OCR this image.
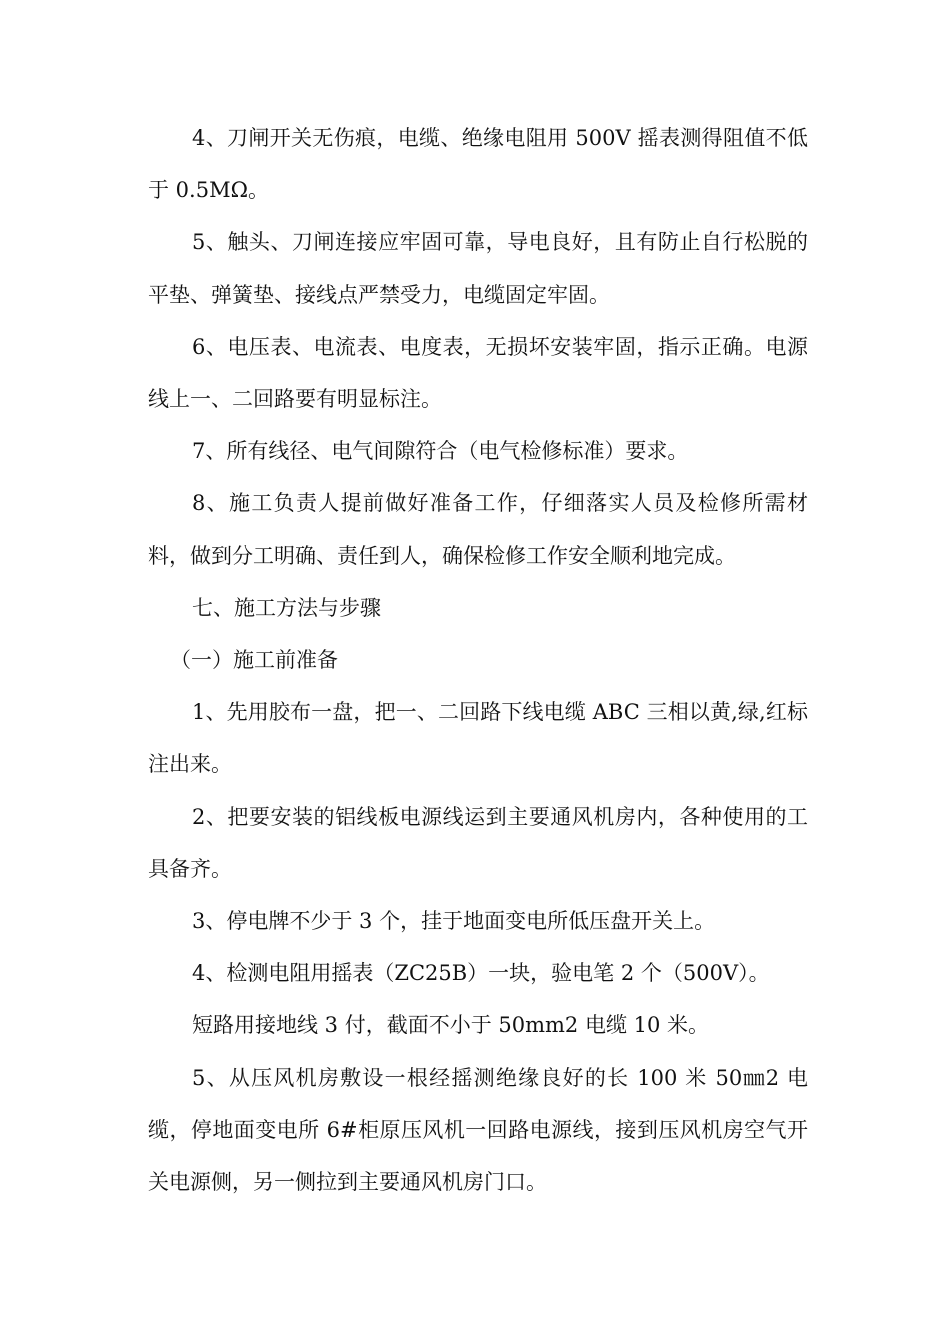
4、刀闸开关无伤痕，电缆、绝缘电阻用 500V 摇表测得阻值不低于 0.5MΩ。

5、触头、刀闸连接应牢固可靠，导电良好，且有防止自行松脱的平垫、弹簧垫、接线点严禁受力，电缆固定牢固。

6、电压表、电流表、电度表，无损坏安装牢固，指示正确。电源线上一、二回路要有明显标注。

7、所有线径、电气间隙符合（电气检修标准）要求。

8、施工负责人提前做好准备工作，仔细落实人员及检修所需材料，做到分工明确、责任到人，确保检修工作安全顺利地完成。

七、施工方法与步骤

（一）施工前准备

1、先用胶布一盘，把一、二回路下线电缆 ABC 三相以黄,绿,红标注出来。

2、把要安装的铝线板电源线运到主要通风机房内，各种使用的工具备齐。

3、停电牌不少于 3 个，挂于地面变电所低压盘开关上。

4、检测电阻用摇表（ZC25B）一块，验电笔 2 个（500V）。

短路用接地线 3 付，截面不小于 50mm2 电缆 10 米。

5、从压风机房敷设一根经摇测绝缘良好的长 100 米 50㎜2 电缆，停地面变电所 6#柜原压风机一回路电源线，接到压风机房空气开关电源侧，另一侧拉到主要通风机房门口。
